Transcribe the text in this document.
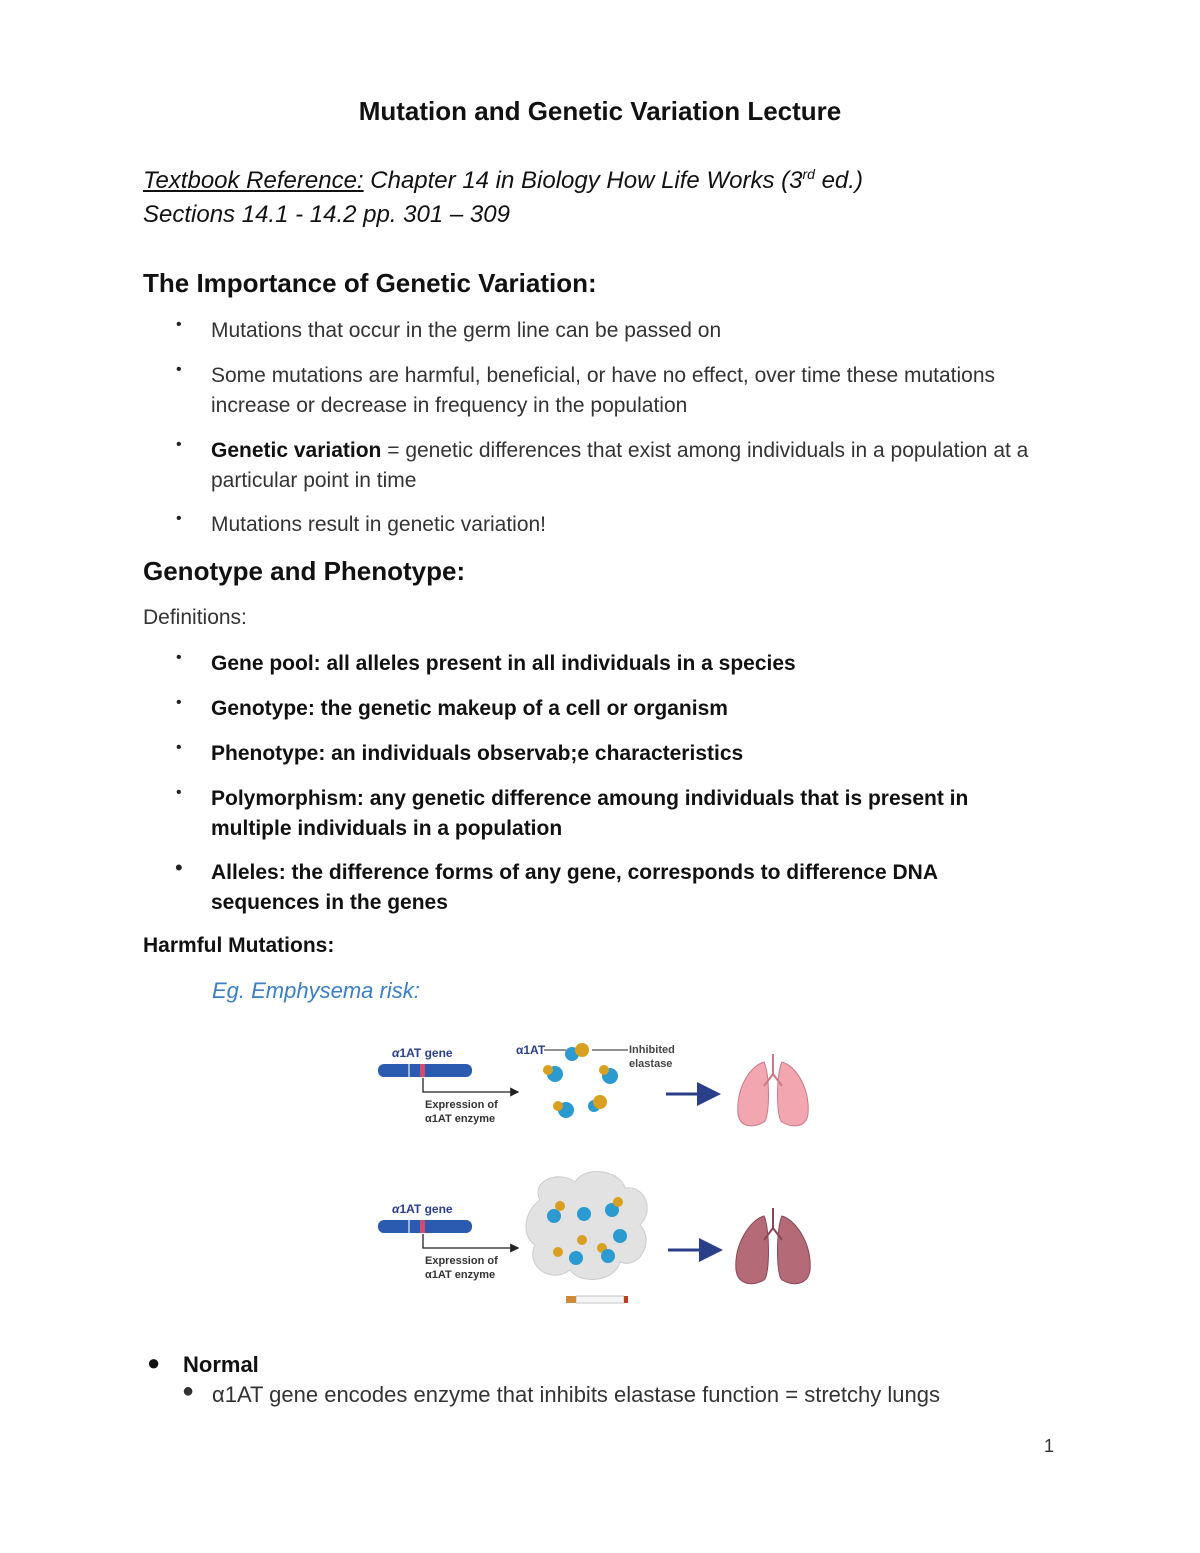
Mutation and Genetic Variation Lecture
Textbook Reference: Chapter 14 in Biology How Life Works (3rd ed.)
Sections 14.1 - 14.2 pp. 301 – 309
The Importance of Genetic Variation:
• Mutations that occur in the germ line can be passed on
• Some mutations are harmful, beneficial, or have no effect, over time these mutations increase or decrease in frequency in the population
• Genetic variation = genetic differences that exist among individuals in a population at a particular point in time
• Mutations result in genetic variation!
Genotype and Phenotype:
Definitions:
• Gene pool: all alleles present in all individuals in a species
• Genotype: the genetic makeup of a cell or organism
• Phenotype: an individuals observab;e characteristics
• Polymorphism: any genetic difference amoung individuals that is present in multiple individuals in a population
• Alleles: the difference forms of any gene, corresponds to difference DNA sequences in the genes
Harmful Mutations:
Eg. Emphysema risk:
α1AT gene
Expression of
α1AT enzyme
α1AT	Inhibited
elastase
α1AT gene
Expression of
α1AT enzyme
● Normal
● α1AT gene encodes enzyme that inhibits elastase function = stretchy lungs
1
